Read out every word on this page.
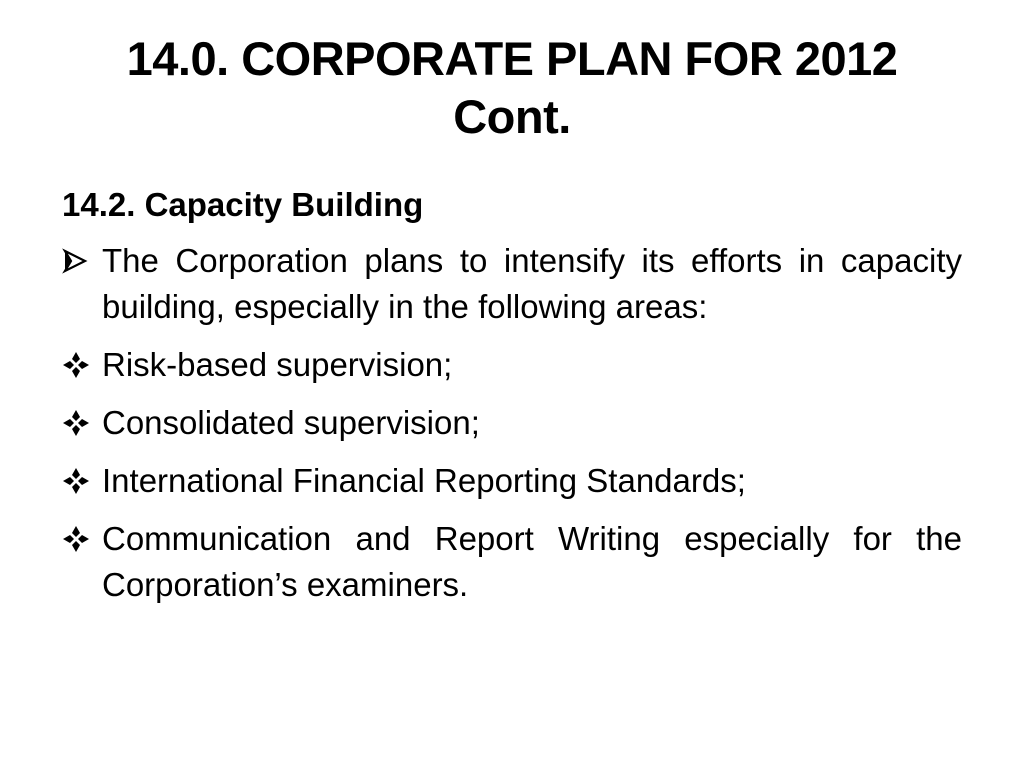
14.0. CORPORATE PLAN FOR 2012
Cont.
14.2. Capacity Building
The Corporation plans to intensify its efforts in capacity building, especially in the following areas:
Risk-based supervision;
Consolidated supervision;
International Financial Reporting Standards;
Communication and Report Writing especially for the Corporation’s examiners.
